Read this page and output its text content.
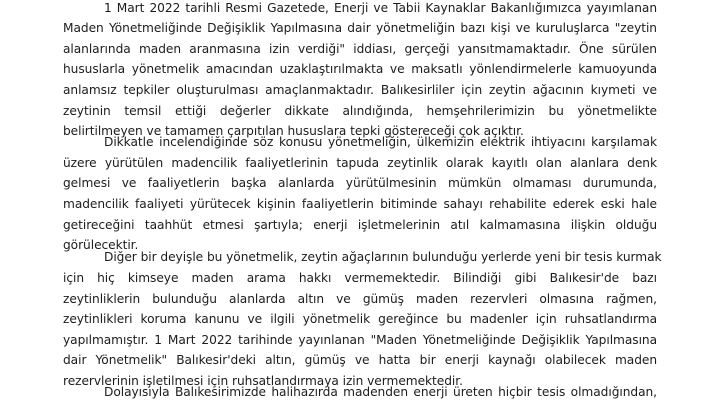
1 Mart 2022 tarihli Resmi Gazetede, Enerji ve Tabii Kaynaklar Bakanlığımızca yayımlanan
Maden Yönetmeliğinde Değişiklik Yapılmasına dair yönetmeliğin bazı kişi ve kuruluşlarca "zeytin
alanlarında maden aranmasına izin verdiği" iddiası, gerçeği yansıtmamaktadır. Öne sürülen
hususlarla yönetmelik amacından uzaklaştırılmakta ve maksatlı yönlendirmelerle kamuoyunda
anlamsız tepkiler oluşturulması amaçlanmaktadır. Balıkesirliler için zeytin ağacının kıymeti ve
zeytinin temsil ettiği değerler dikkate alındığında, hemşehrilerimizin bu yönetmelikte
belirtilmeyen ve tamamen çarpıtılan hususlara tepki göstereceği çok açıktır.
Dikkatle incelendiğinde söz konusu yönetmeliğin, ülkemizin elektrik ihtiyacını karşılamak
üzere yürütülen madencilik faaliyetlerinin tapuda zeytinlik olarak kayıtlı olan alanlara denk
gelmesi ve faaliyetlerin başka alanlarda yürütülmesinin mümkün olmaması durumunda,
madencilik faaliyeti yürütecek kişinin faaliyetlerin bitiminde sahayı rehabilite ederek eski hale
getireceğini taahhüt etmesi şartıyla; enerji işletmelerinin atıl kalmamasına ilişkin olduğu
görülecektir.
Diğer bir deyişle bu yönetmelik, zeytin ağaçlarının bulunduğu yerlerde yeni bir tesis kurmak
için hiç kimseye maden arama hakkı vermemektedir. Bilindiği gibi Balıkesir'de bazı
zeytinliklerin bulunduğu alanlarda altın ve gümüş maden rezervleri olmasına rağmen,
zeytinlikleri koruma kanunu ve ilgili yönetmelik gereğince bu madenler için ruhsatlandırma
yapılmamıştır. 1 Mart 2022 tarihinde yayınlanan "Maden Yönetmeliğinde Değişiklik Yapılmasına
dair Yönetmelik" Balıkesir'deki altın, gümüş ve hatta bir enerji kaynağı olabilecek maden
rezervlerinin işletilmesi için ruhsatlandırmaya izin vermemektedir.
Dolayısıyla Balıkesirimizde halihazırda madenden enerji üreten hiçbir tesis olmadığından,
